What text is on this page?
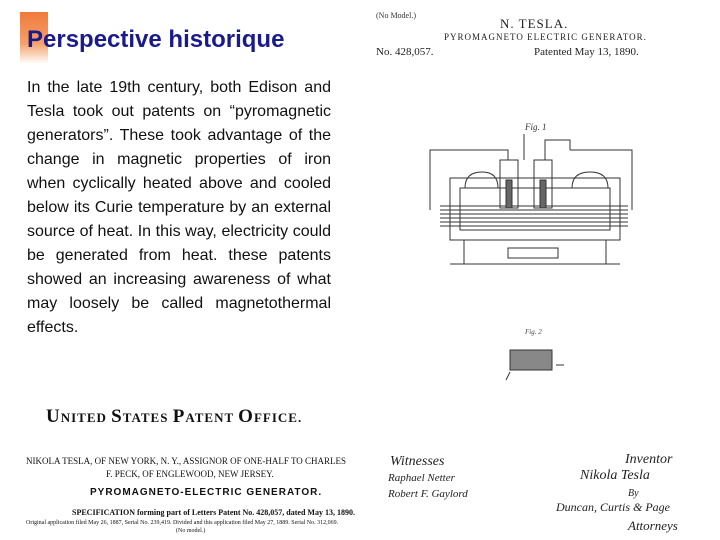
Perspective historique
In the late 19th century, both Edison and Tesla took out patents on “pyromagnetic generators”. These took advantage of the change in magnetic properties of iron when cyclically heated above and cooled below its Curie temperature by an external source of heat. In this way, electricity could be generated from heat. these patents showed an increasing awareness of what may loosely be called magnetothermal effects.
(No Model.)
N. TESLA.
PYROMAGNETO ELECTRIC GENERATOR.
No. 428,057.	Patented May 13, 1890.
Fig. 1
Fig. 2
Witnesses	Inventor
Raphael Netter
Robert F. Gaylord
Nikola Tesla
By
Duncan, Curtis & Page
Attorneys
UNITED STATES PATENT OFFICE.
NIKOLA TESLA, OF NEW YORK, N. Y., ASSIGNOR OF ONE-HALF TO CHARLES
F. PECK, OF ENGLEWOOD, NEW JERSEY.
PYROMAGNETO-ELECTRIC GENERATOR.
SPECIFICATION forming part of Letters Patent No. 428,057, dated May 13, 1890.
Original application filed May 26, 1887, Serial No. 239,419. Divided and this application filed May 27, 1889. Serial No. 312,069.
(No model.)
